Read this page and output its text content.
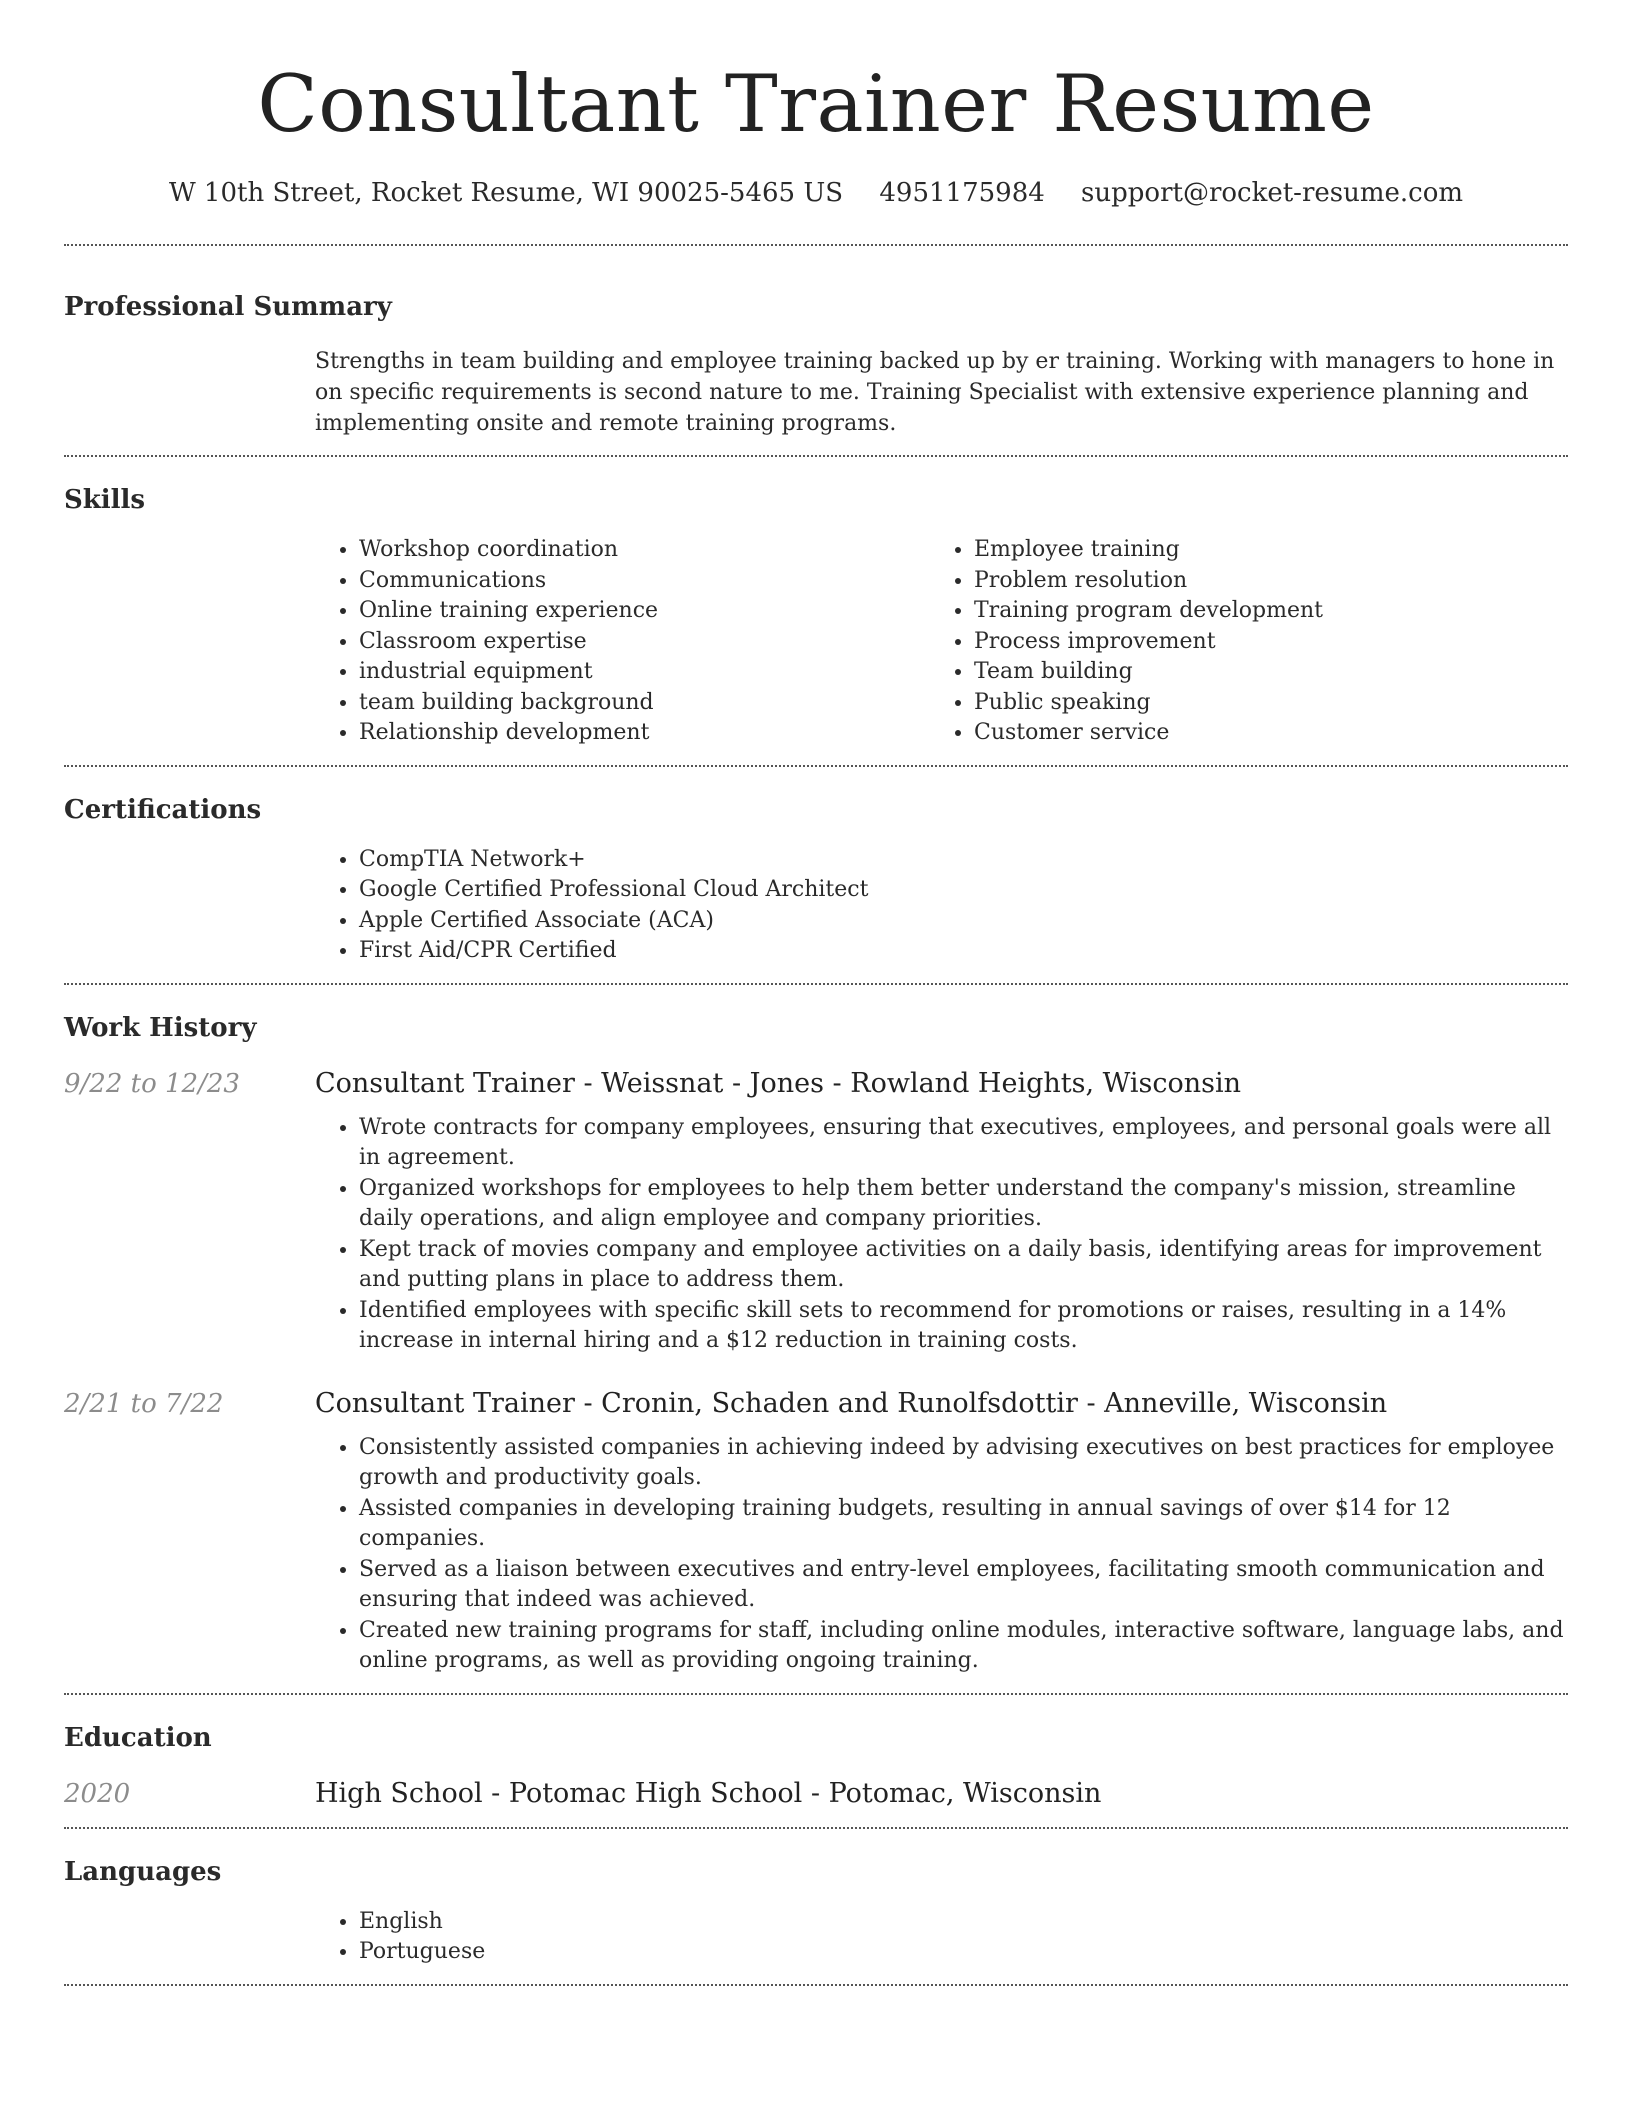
Consultant Trainer Resume
W 10th Street, Rocket Resume, WI 90025-5465 US 4951175984 support@rocket-resume.com
Professional Summary

Strengths in team building and employee training backed up by er training. Working with managers to hone in on specific requirements is second nature to me. Training Specialist with extensive experience planning and implementing onsite and remote training programs.

Skills
• Workshop coordination
• Communications
• Online training experience
• Classroom expertise
• industrial equipment
• team building background
• Relationship development
• Employee training
• Problem resolution
• Training program development
• Process improvement
• Team building
• Public speaking
• Customer service
Certifications
• CompTIA Network+
• Google Certified Professional Cloud Architect
• Apple Certified Associate (ACA)
• First Aid/CPR Certified
Work History
9/22 to 12/23	Consultant Trainer - Weissnat - Jones - Rowland Heights, Wisconsin
• Wrote contracts for company employees, ensuring that executives, employees, and personal goals were all in agreement.
• Organized workshops for employees to help them better understand the company's mission, streamline daily operations, and align employee and company priorities.
• Kept track of movies company and employee activities on a daily basis, identifying areas for improvement and putting plans in place to address them.
• Identified employees with specific skill sets to recommend for promotions or raises, resulting in a 14% increase in internal hiring and a $12 reduction in training costs.
2/21 to 7/22	Consultant Trainer - Cronin, Schaden and Runolfsdottir - Anneville, Wisconsin
• Consistently assisted companies in achieving indeed by advising executives on best practices for employee growth and productivity goals.
• Assisted companies in developing training budgets, resulting in annual savings of over $14 for 12 companies.
• Served as a liaison between executives and entry-level employees, facilitating smooth communication and ensuring that indeed was achieved.
• Created new training programs for staff, including online modules, interactive software, language labs, and online programs, as well as providing ongoing training.
Education
2020	High School - Potomac High School - Potomac, Wisconsin
Languages
• English
• Portuguese
